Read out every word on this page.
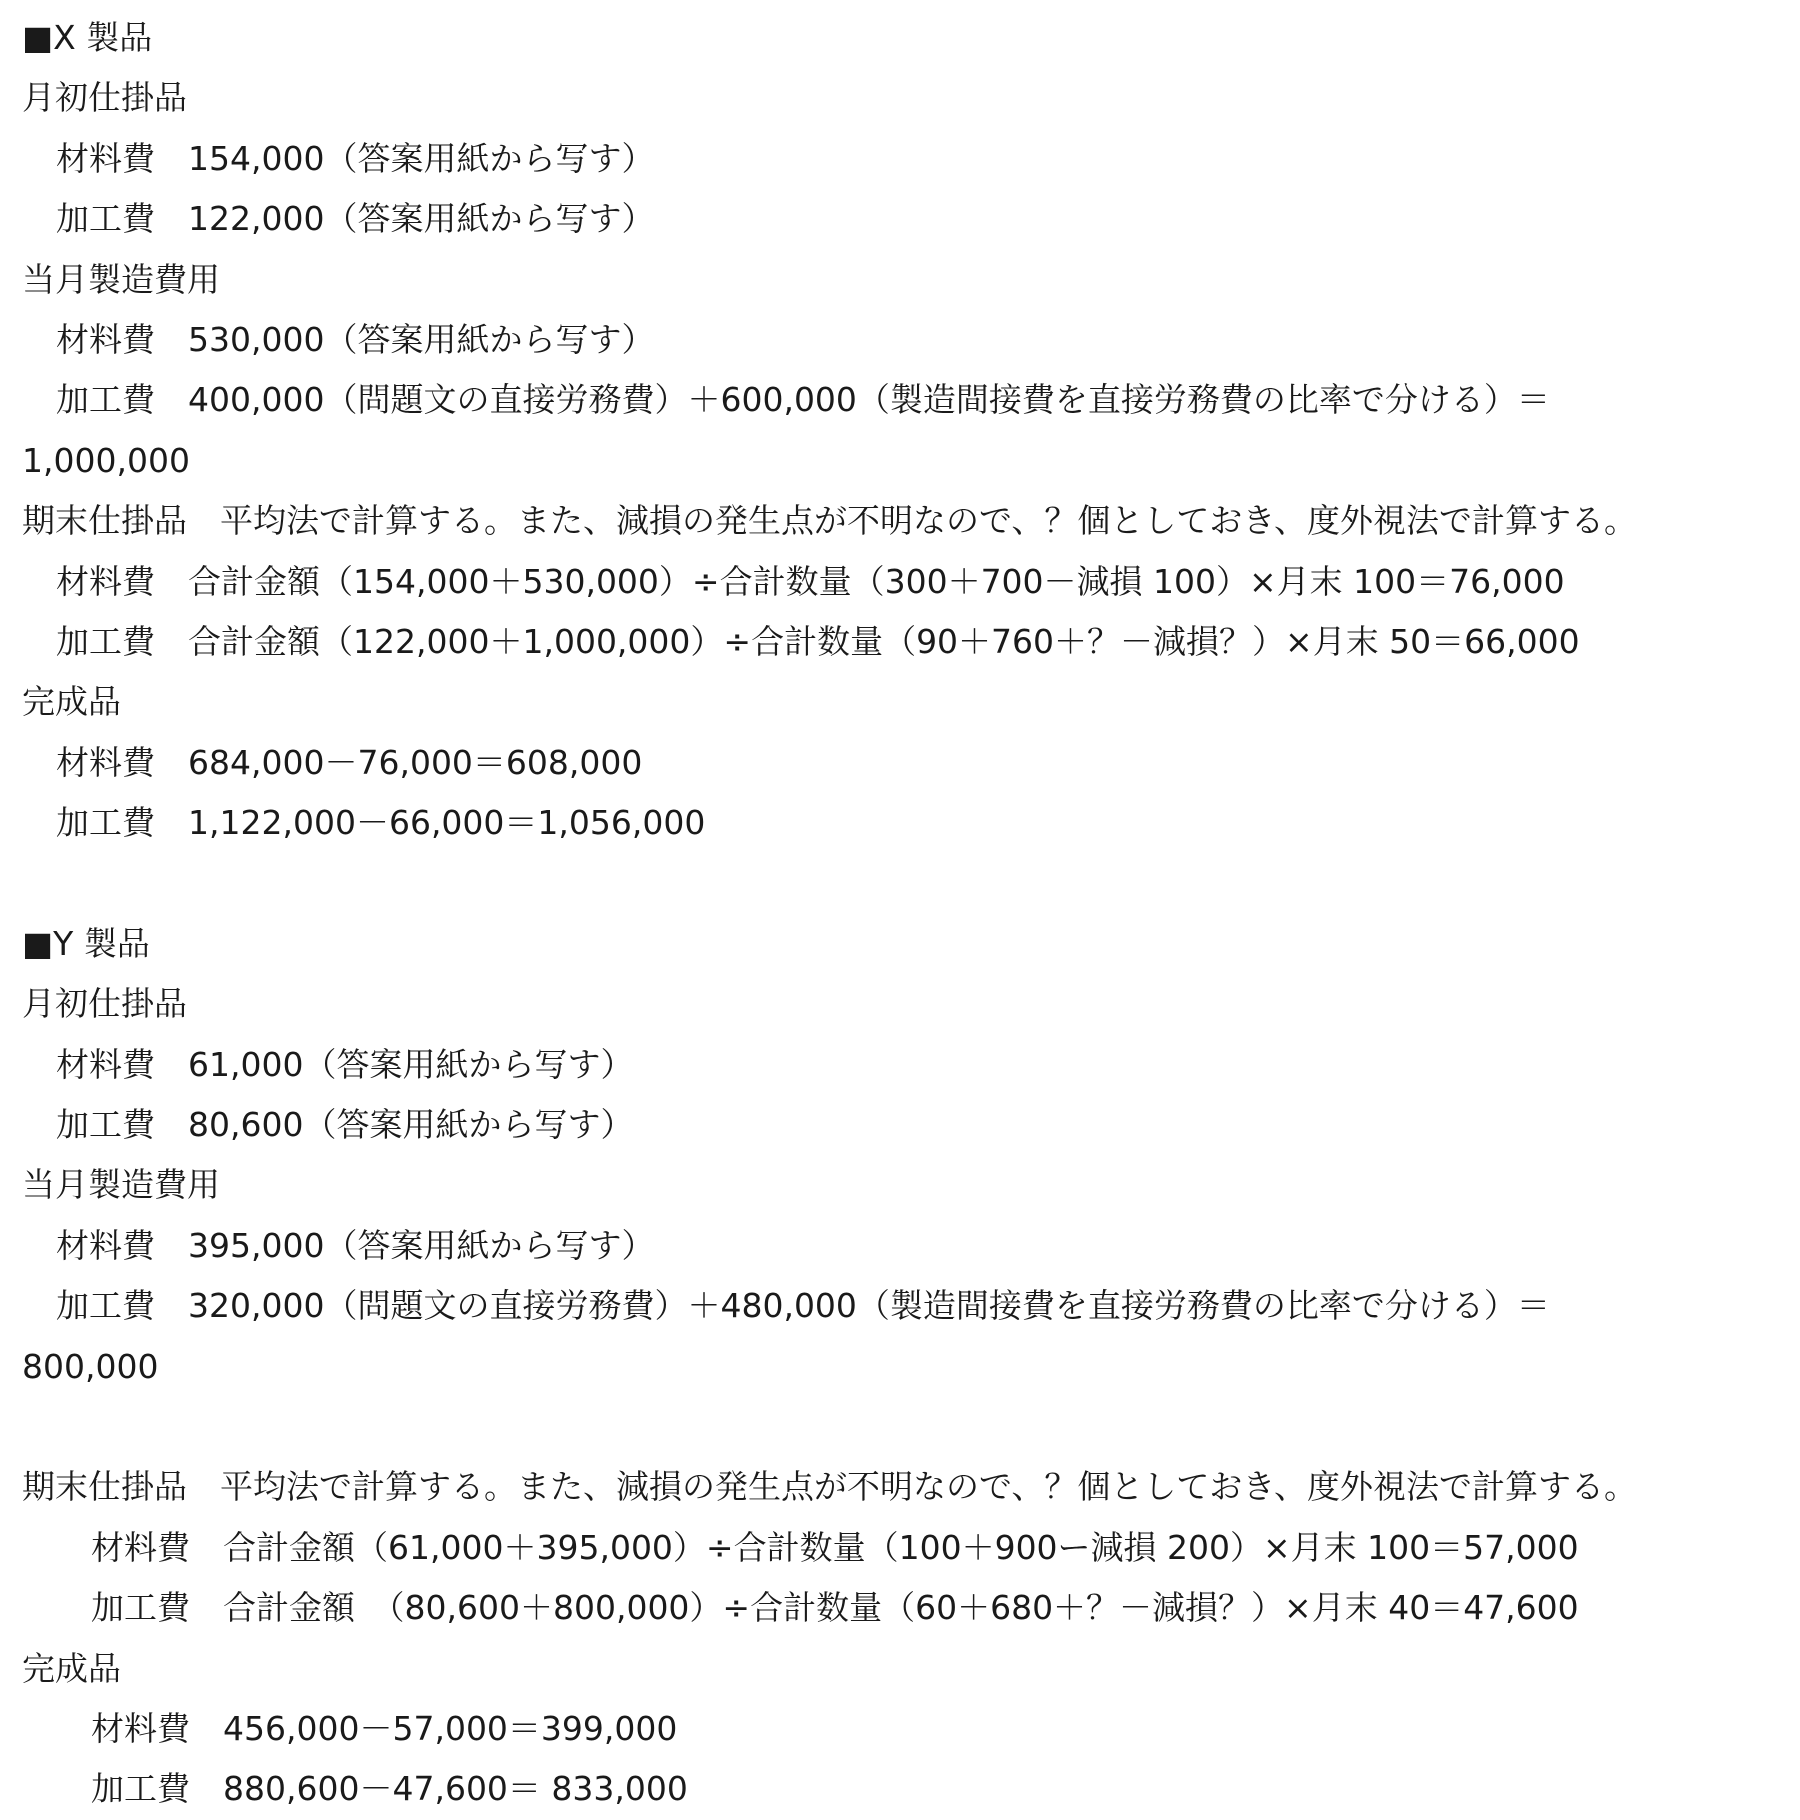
■X 製品
月初仕掛品
材料費　154,000（答案用紙から写す）
加工費　122,000（答案用紙から写す）
当月製造費用
材料費　530,000（答案用紙から写す）
加工費　400,000（問題文の直接労務費）＋600,000（製造間接費を直接労務費の比率で分ける）＝
1,000,000
期末仕掛品　平均法で計算する。また、減損の発生点が不明なので、？個としておき、度外視法で計算する。
材料費　合計金額（154,000＋530,000）÷合計数量（300＋700－減損 100）×月末 100＝76,000
加工費　合計金額（122,000＋1,000,000）÷合計数量（90＋760＋？－減損？）×月末 50＝66,000
完成品
材料費　684,000－76,000＝608,000
加工費　1,122,000－66,000＝1,056,000
■Y 製品
月初仕掛品
材料費　61,000（答案用紙から写す）
加工費　80,600（答案用紙から写す）
当月製造費用
材料費　395,000（答案用紙から写す）
加工費　320,000（問題文の直接労務費）＋480,000（製造間接費を直接労務費の比率で分ける）＝
800,000
期末仕掛品　平均法で計算する。また、減損の発生点が不明なので、？個としておき、度外視法で計算する。
材料費　合計金額（61,000＋395,000）÷合計数量（100＋900ー減損 200）×月末 100＝57,000
加工費　合計金額　（80,600＋800,000）÷合計数量（60＋680＋？－減損？）×月末 40＝47,600
完成品
材料費　456,000－57,000＝399,000
加工費　880,600－47,600＝ 833,000
